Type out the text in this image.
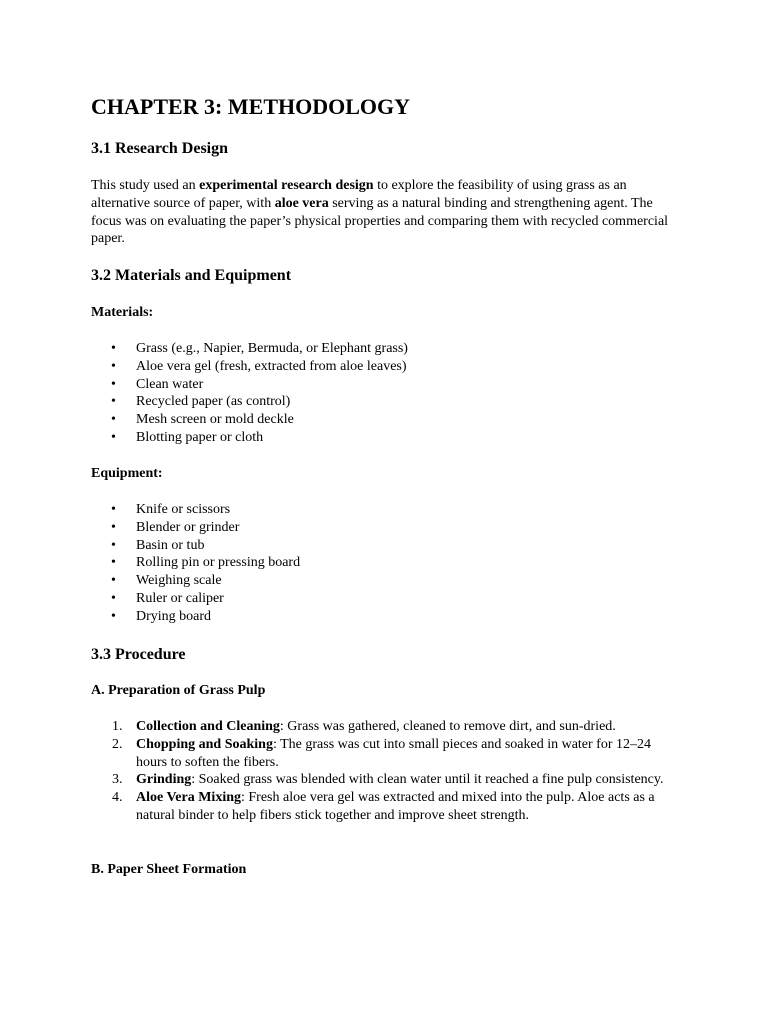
CHAPTER 3: METHODOLOGY
3.1 Research Design

This study used an experimental research design to explore the feasibility of using grass as an alternative source of paper, with aloe vera serving as a natural binding and strengthening agent. The focus was on evaluating the paper’s physical properties and comparing them with recycled commercial paper.

3.2 Materials and Equipment
Materials:
•	Grass (e.g., Napier, Bermuda, or Elephant grass)
•	Aloe vera gel (fresh, extracted from aloe leaves)
•	Clean water
•	Recycled paper (as control)
•	Mesh screen or mold deckle
•	Blotting paper or cloth
Equipment:
•	Knife or scissors
•	Blender or grinder
•	Basin or tub
•	Rolling pin or pressing board
•	Weighing scale
•	Ruler or caliper
•	Drying board
3.3 Procedure
A. Preparation of Grass Pulp
1. Collection and Cleaning: Grass was gathered, cleaned to remove dirt, and sun-dried.
2. Chopping and Soaking: The grass was cut into small pieces and soaked in water for 12–24 hours to soften the fibers.
3. Grinding: Soaked grass was blended with clean water until it reached a fine pulp consistency.
4. Aloe Vera Mixing: Fresh aloe vera gel was extracted and mixed into the pulp. Aloe acts as a natural binder to help fibers stick together and improve sheet strength.
B. Paper Sheet Formation
